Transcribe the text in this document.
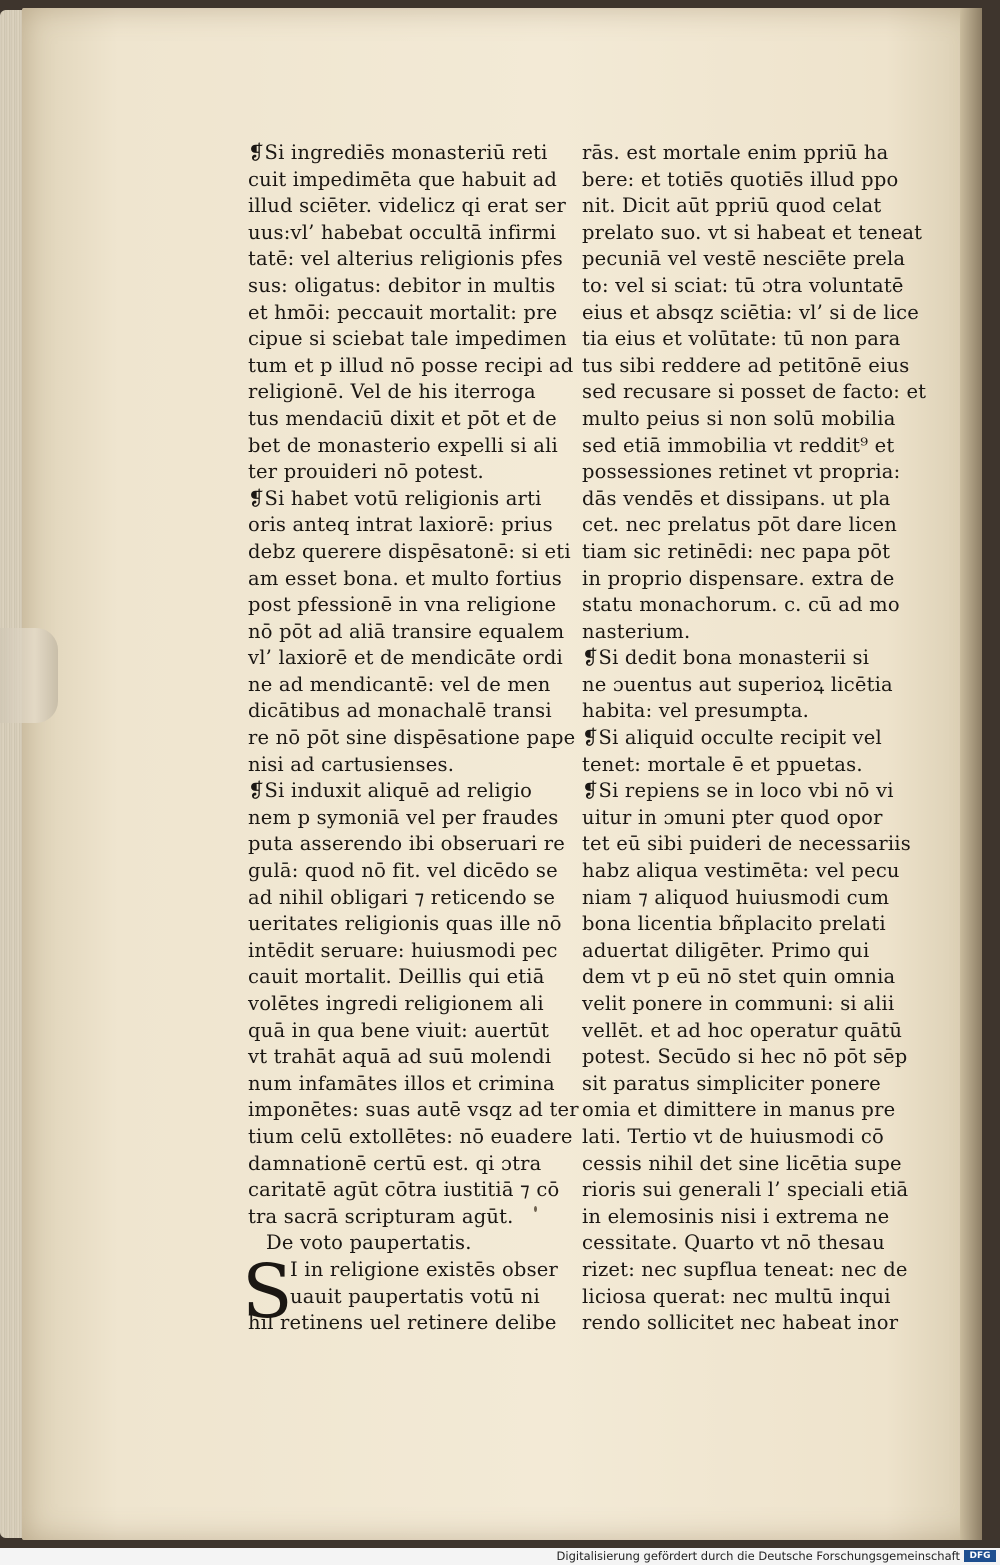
❡Si ingrediēs monasteriū reti
cuit impedimēta que habuit ad
illud sciēter. videlicz qi erat ser
uus:vl’ habebat occultā infirmi
tatē: vel alterius religionis pfes
sus: oligatus: debitor in multis
et hmōi: peccauit mortalit: pre
cipue si sciebat tale impedimen
tum et p illud nō posse recipi ad
religionē. Vel de his iterroga
tus mendaciū dixit et pōt et de
bet de monasterio expelli si ali
ter prouideri nō potest.
❡Si habet votū religionis arti
oris anteq intrat laxiorē: prius
debz querere dispēsatonē: si eti
am esset bona. et multo fortius
post pfessionē in vna religione
nō pōt ad aliā transire equalem
vl’ laxiorē et de mendicāte ordi
ne ad mendicantē: vel de men
dicātibus ad monachalē transi
re nō pōt sine dispēsatione pape
nisi ad cartusienses.
❡Si induxit aliquē ad religio
nem p symoniā vel per fraudes
puta asserendo ibi obseruari re
gulā: quod nō fit. vel dicēdo se
ad nihil obligari ⁊ reticendo se
ueritates religionis quas ille nō
intēdit seruare: huiusmodi pec
cauit mortalit. Deillis qui etiā
volētes ingredi religionem ali
quā in qua bene viuit: auertūt
vt trahāt aquā ad suū molendi
num infamātes illos et crimina
imponētes: suas autē vsqz ad ter
tium celū extollētes: nō euadere
damnationē certū est. qi ɔtra
caritatē agūt cōtra iustitiā ⁊ cō
tra sacrā scripturam agūt.
De voto paupertatis.
S
I in religione existēs obser
uauit paupertatis votū ni
hil retinens uel retinere delibe
rās. est mortale enim ppriū ha
bere: et totiēs quotiēs illud ppo
nit. Dicit aūt ppriū quod celat
prelato suo. vt si habeat et teneat
pecuniā vel vestē nesciēte prela
to: vel si sciat: tū ɔtra voluntatē
eius et absqz sciētia: vl’ si de lice
tia eius et volūtate: tū non para
tus sibi reddere ad petitōnē eius
sed recusare si posset de facto: et
multo peius si non solū mobilia
sed etiā immobilia vt reddit⁹ et
possessiones retinet vt propria:
dās vendēs et dissipans. ut pla
cet. nec prelatus pōt dare licen
tiam sic retinēdi: nec papa pōt
in proprio dispensare. extra de
statu monachorum. c. cū ad mo
nasterium.
❡Si dedit bona monasterii si
ne ɔuentus aut superioꝝ licētia
habita: vel presumpta.
❡Si aliquid occulte recipit vel
tenet: mortale ē et ppuetas.
❡Si repiens se in loco vbi nō vi
uitur in ɔmuni pter quod opor
tet eū sibi puideri de necessariis
habz aliqua vestimēta: vel pecu
niam ⁊ aliquod huiusmodi cum
bona licentia bñplacito prelati
aduertat diligēter. Primo qui
dem vt p eū nō stet quin omnia
velit ponere in communi: si alii
vellēt. et ad hoc operatur quātū
potest. Secūdo si hec nō pōt sēp
sit paratus simpliciter ponere
omia et dimittere in manus pre
lati. Tertio vt de huiusmodi cō
cessis nihil det sine licētia supe
rioris sui generali l’ speciali etiā
in elemosinis nisi i extrema ne
cessitate. Quarto vt nō thesau
rizet: nec supflua teneat: nec de
liciosa querat: nec multū inqui
rendo sollicitet nec habeat inor
Digitalisierung gefördert durch die Deutsche Forschungsgemeinschaft	DFG
